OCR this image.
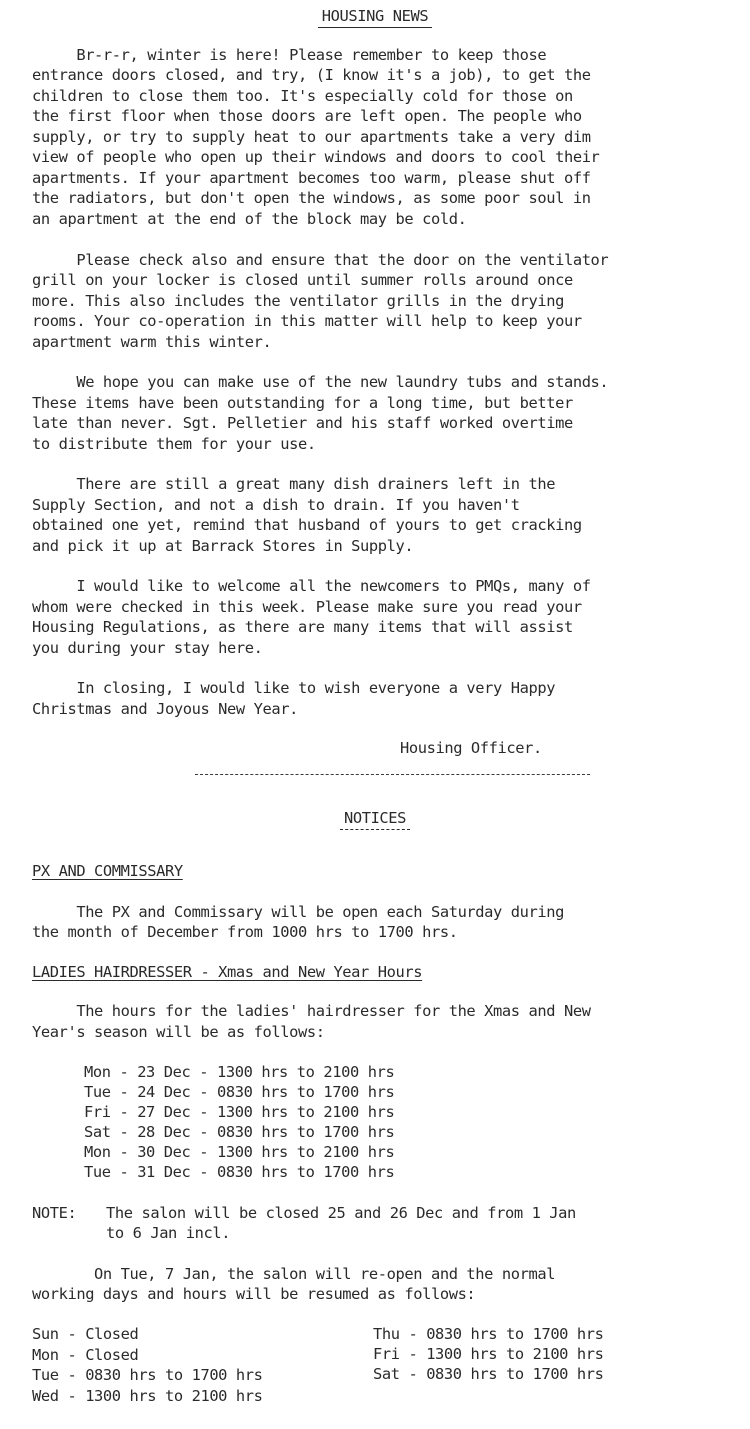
HOUSING NEWS
Br-r-r, winter is here! Please remember to keep those
entrance doors closed, and try, (I know it's a job), to get the
children to close them too. It's especially cold for those on
the first floor when those doors are left open. The people who
supply, or try to supply heat to our apartments take a very dim
view of people who open up their windows and doors to cool their
apartments. If your apartment becomes too warm, please shut off
the radiators, but don't open the windows, as some poor soul in
an apartment at the end of the block may be cold.
Please check also and ensure that the door on the ventilator
grill on your locker is closed until summer rolls around once
more. This also includes the ventilator grills in the drying
rooms. Your co-operation in this matter will help to keep your
apartment warm this winter.
We hope you can make use of the new laundry tubs and stands.
These items have been outstanding for a long time, but better
late than never. Sgt. Pelletier and his staff worked overtime
to distribute them for your use.
There are still a great many dish drainers left in the
Supply Section, and not a dish to drain. If you haven't
obtained one yet, remind that husband of yours to get cracking
and pick it up at Barrack Stores in Supply.
I would like to welcome all the newcomers to PMQs, many of
whom were checked in this week. Please make sure you read your
Housing Regulations, as there are many items that will assist
you during your stay here.
In closing, I would like to wish everyone a very Happy
Christmas and Joyous New Year.
Housing Officer.
NOTICES
PX AND COMMISSARY
The PX and Commissary will be open each Saturday during
the month of December from 1000 hrs to 1700 hrs.
LADIES HAIRDRESSER - Xmas and New Year Hours
The hours for the ladies' hairdresser for the Xmas and New
Year's season will be as follows:
Mon - 23 Dec - 1300 hrs to 2100 hrs
Tue - 24 Dec - 0830 hrs to 1700 hrs
Fri - 27 Dec - 1300 hrs to 2100 hrs
Sat - 28 Dec - 0830 hrs to 1700 hrs
Mon - 30 Dec - 1300 hrs to 2100 hrs
Tue - 31 Dec - 0830 hrs to 1700 hrs
NOTE: The salon will be closed 25 and 26 Dec and from 1 Jan
to 6 Jan incl.
On Tue, 7 Jan, the salon will re-open and the normal
working days and hours will be resumed as follows:
Sun - Closed
Mon - Closed
Tue - 0830 hrs to 1700 hrs
Wed - 1300 hrs to 2100 hrs
Thu - 0830 hrs to 1700 hrs
Fri - 1300 hrs to 2100 hrs
Sat - 0830 hrs to 1700 hrs
